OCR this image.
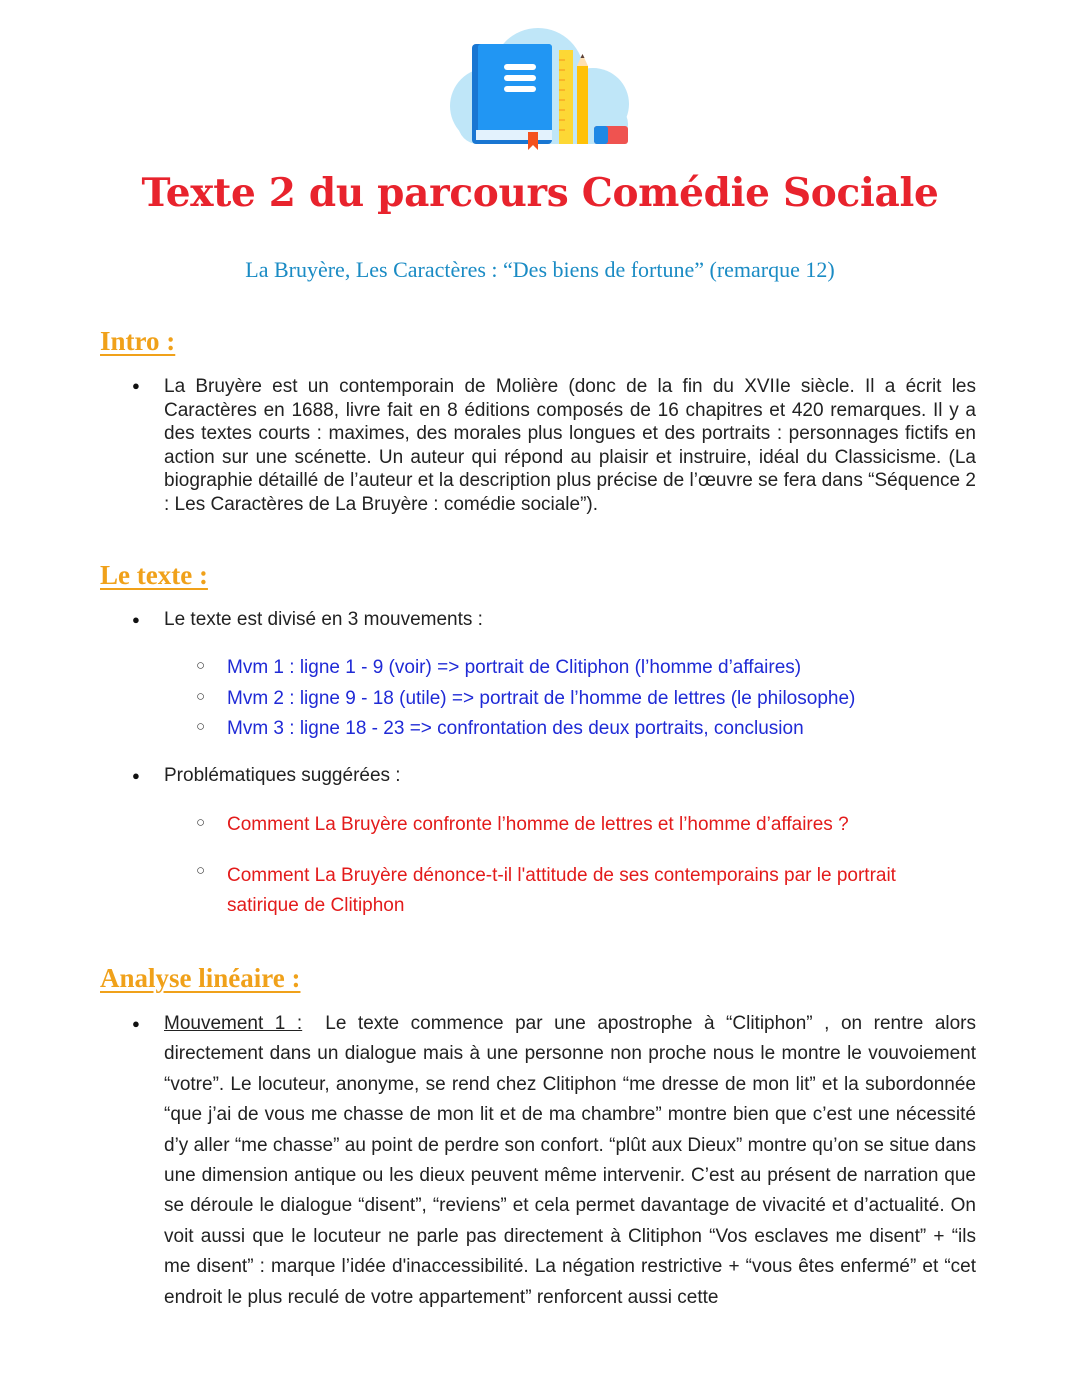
Texte 2 du parcours Comédie Sociale
La Bruyère, Les Caractères : “Des biens de fortune” (remarque 12)
Intro :
● La Bruyère est un contemporain de Molière (donc de la fin du XVIIe siècle. Il a écrit les Caractères en 1688, livre fait en 8 éditions composés de 16 chapitres et 420 remarques. Il y a des textes courts : maximes, des morales plus longues et des portraits : personnages fictifs en action sur une scénette. Un auteur qui répond au plaisir et instruire, idéal du Classicisme. (La biographie détaillé de l’auteur et la description plus précise de l’œuvre se fera dans “Séquence 2 : Les Caractères de La Bruyère : comédie sociale”).
Le texte :
● Le texte est divisé en 3 mouvements :
○ Mvm 1 : ligne 1 - 9 (voir) => portrait de Clitiphon (l’homme d’affaires)
○ Mvm 2 : ligne 9 - 18 (utile) => portrait de l’homme de lettres (le philosophe)
○ Mvm 3 : ligne 18 - 23 => confrontation des deux portraits, conclusion
● Problématiques suggérées :
○ Comment La Bruyère confronte l’homme de lettres et l’homme d’affaires ?
○ Comment La Bruyère dénonce-t-il l'attitude de ses contemporains par le portrait satirique de Clitiphon
Analyse linéaire :
● Mouvement 1 : Le texte commence par une apostrophe à “Clitiphon” , on rentre alors directement dans un dialogue mais à une personne non proche nous le montre le vouvoiement “votre”. Le locuteur, anonyme, se rend chez Clitiphon “me dresse de mon lit” et la subordonnée “que j’ai de vous me chasse de mon lit et de ma chambre” montre bien que c’est une nécessité d’y aller “me chasse” au point de perdre son confort. “plût aux Dieux” montre qu’on se situe dans une dimension antique ou les dieux peuvent même intervenir. C’est au présent de narration que se déroule le dialogue “disent”, “reviens” et cela permet davantage de vivacité et d’actualité. On voit aussi que le locuteur ne parle pas directement à Clitiphon “Vos esclaves me disent” + “ils me disent” : marque l’idée d'inaccessibilité. La négation restrictive + “vous êtes enfermé” et “cet endroit le plus reculé de votre appartement” renforcent aussi cette
